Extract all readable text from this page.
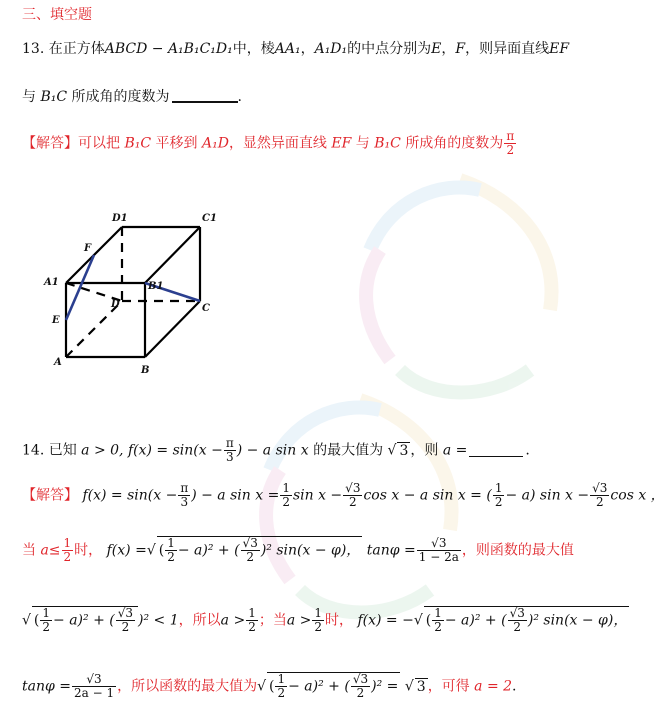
三、填空题
13. 在正方体ABCD − A₁B₁C₁D₁中，棱AA₁，A₁D₁的中点分别为E，F，则异面直线EF
与 B₁C 所成角的度数为	.
【解答】可以把 B₁C 平移到 A₁D，显然异面直线 EF 与 B₁C 所成角的度数为 $\frac{\pi}{2}$
D1	C1
F
A1	B1
D	C
E
A
B
14. 已知 a > 0, $f(x) = \sin(x - \frac{\pi}{3}$ ) − a sin x 的最大值为 √ 3 ，则 a =	.
【解答】 $f(x) = \sin(x - \frac{\pi}{3}$ ) − a $\sin x = \frac{1}{2}$ $\sin x - \frac{√3}{2}$ cos x − a sin x = ( $\frac{1}{2} - a$) $\sin x - \frac{√3}{2}$ cos x ，
当 $a\le \frac{1}{2}$ 时， f(x) =√ ( $\frac{1}{2} - a)^2$ + ( $\frac{√3}{2} )^2$ sin(x − φ)， $\tan\varphi = \frac{√3}{1 - 2a}$ ，则函数的最大值
√ ( $\frac{1}{2} - a)^2$ + ( $\frac{√3}{2} )^2 < 1$，所以$a > \frac{1}{2}$ ；当$a > \frac{1}{2}$ 时， f(x) = −√ ( $\frac{1}{2} - a)^2$ + ( $\frac{√3}{2} )^2$ sin(x − φ)，
$\tan\varphi = \frac{√3}{2a - 1}$ ，所以函数的最大值为√ ( $\frac{1}{2} - a)^2$ + ( $\frac{√3}{2} )^2$ = √ 3 ，可得 a = 2.
